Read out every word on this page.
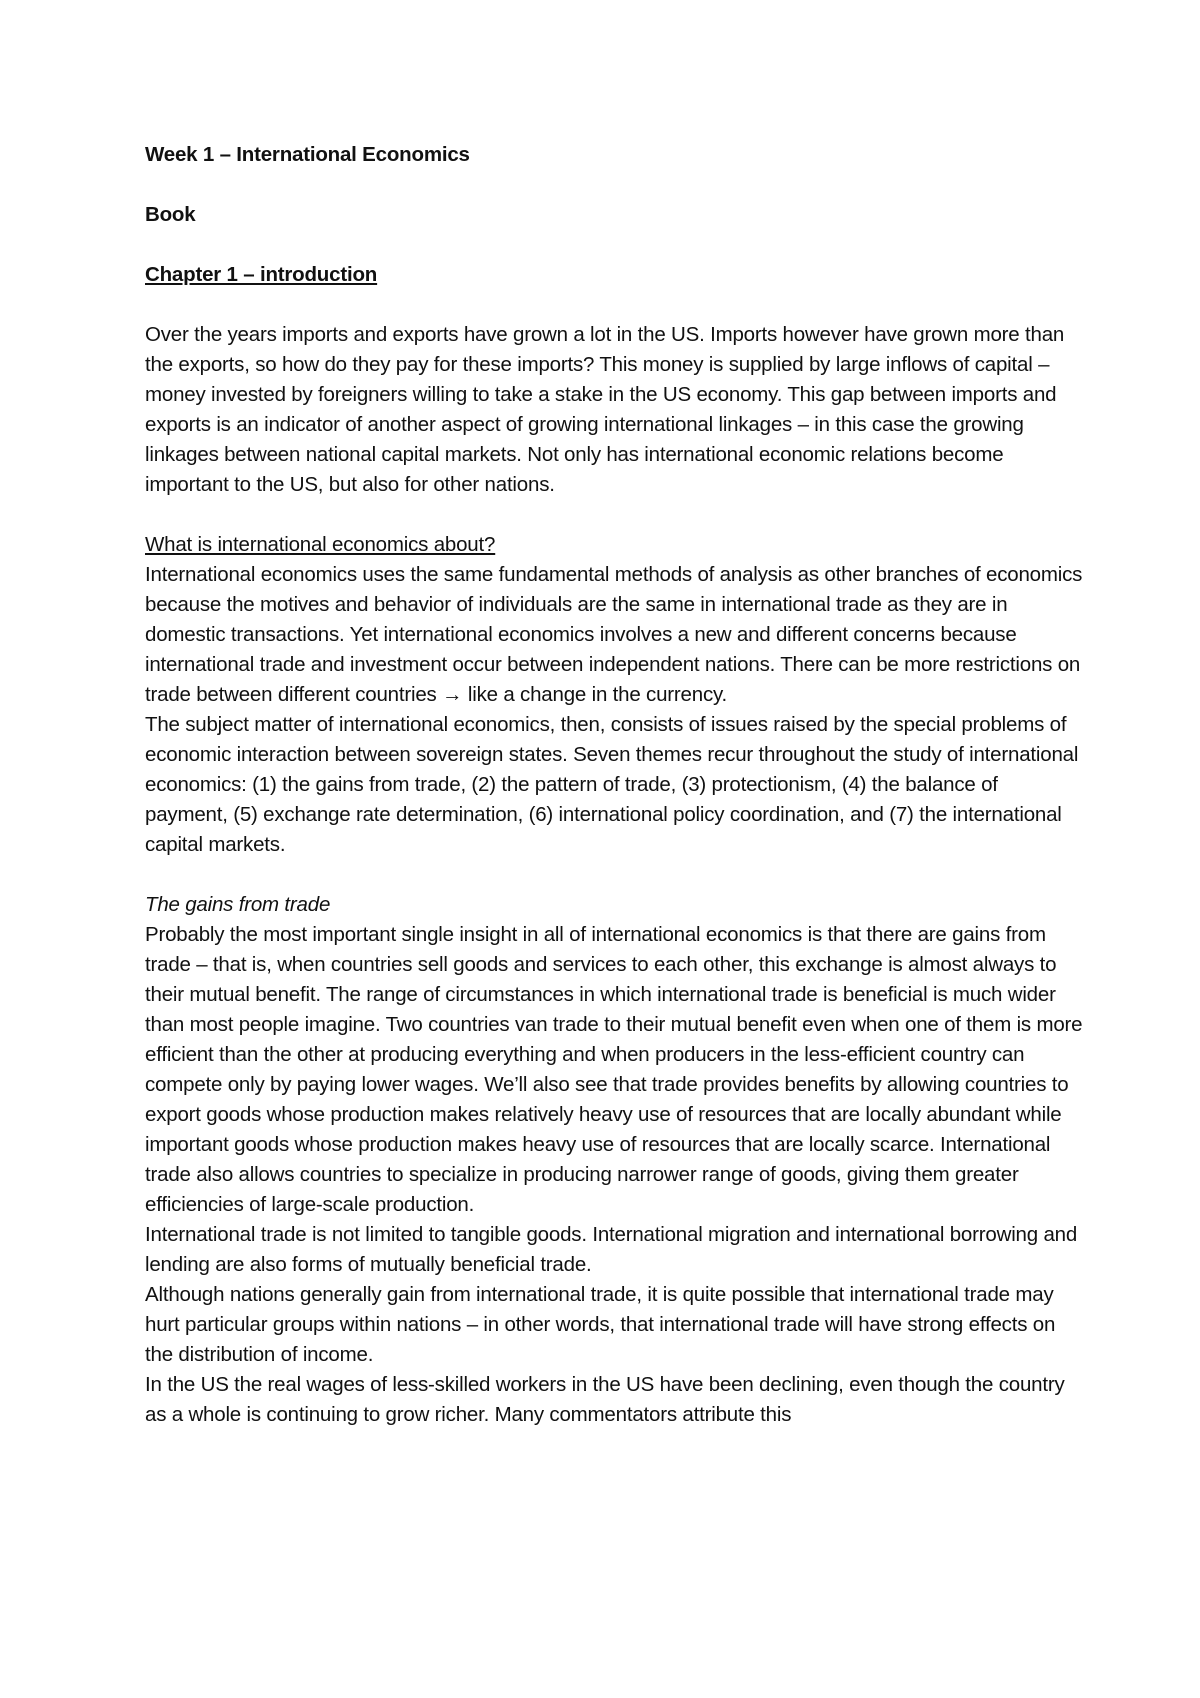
Week 1 – International Economics

Book

Chapter 1 – introduction

Over the years imports and exports have grown a lot in the US. Imports however have grown more than the exports, so how do they pay for these imports? This money is supplied by large inflows of capital – money invested by foreigners willing to take a stake in the US economy. This gap between imports and exports is an indicator of another aspect of growing international linkages – in this case the growing linkages between national capital markets. Not only has international economic relations become important to the US, but also for other nations.

What is international economics about?

International economics uses the same fundamental methods of analysis as other branches of economics because the motives and behavior of individuals are the same in international trade as they are in domestic transactions. Yet international economics involves a new and different concerns because international trade and investment occur between independent nations. There can be more restrictions on trade between different countries → like a change in the currency.

The subject matter of international economics, then, consists of issues raised by the special problems of economic interaction between sovereign states. Seven themes recur throughout the study of international economics: (1) the gains from trade, (2) the pattern of trade, (3) protectionism, (4) the balance of payment, (5) exchange rate determination, (6) international policy coordination, and (7) the international capital markets.

The gains from trade

Probably the most important single insight in all of international economics is that there are gains from trade – that is, when countries sell goods and services to each other, this exchange is almost always to their mutual benefit. The range of circumstances in which international trade is beneficial is much wider than most people imagine. Two countries van trade to their mutual benefit even when one of them is more efficient than the other at producing everything and when producers in the less-efficient country can compete only by paying lower wages. We’ll also see that trade provides benefits by allowing countries to export goods whose production makes relatively heavy use of resources that are locally abundant while important goods whose production makes heavy use of resources that are locally scarce. International trade also allows countries to specialize in producing narrower range of goods, giving them greater efficiencies of large-scale production.

International trade is not limited to tangible goods. International migration and international borrowing and lending are also forms of mutually beneficial trade.

Although nations generally gain from international trade, it is quite possible that international trade may hurt particular groups within nations – in other words, that international trade will have strong effects on the distribution of income.

In the US the real wages of less-skilled workers in the US have been declining, even though the country as a whole is continuing to grow richer. Many commentators attribute this
